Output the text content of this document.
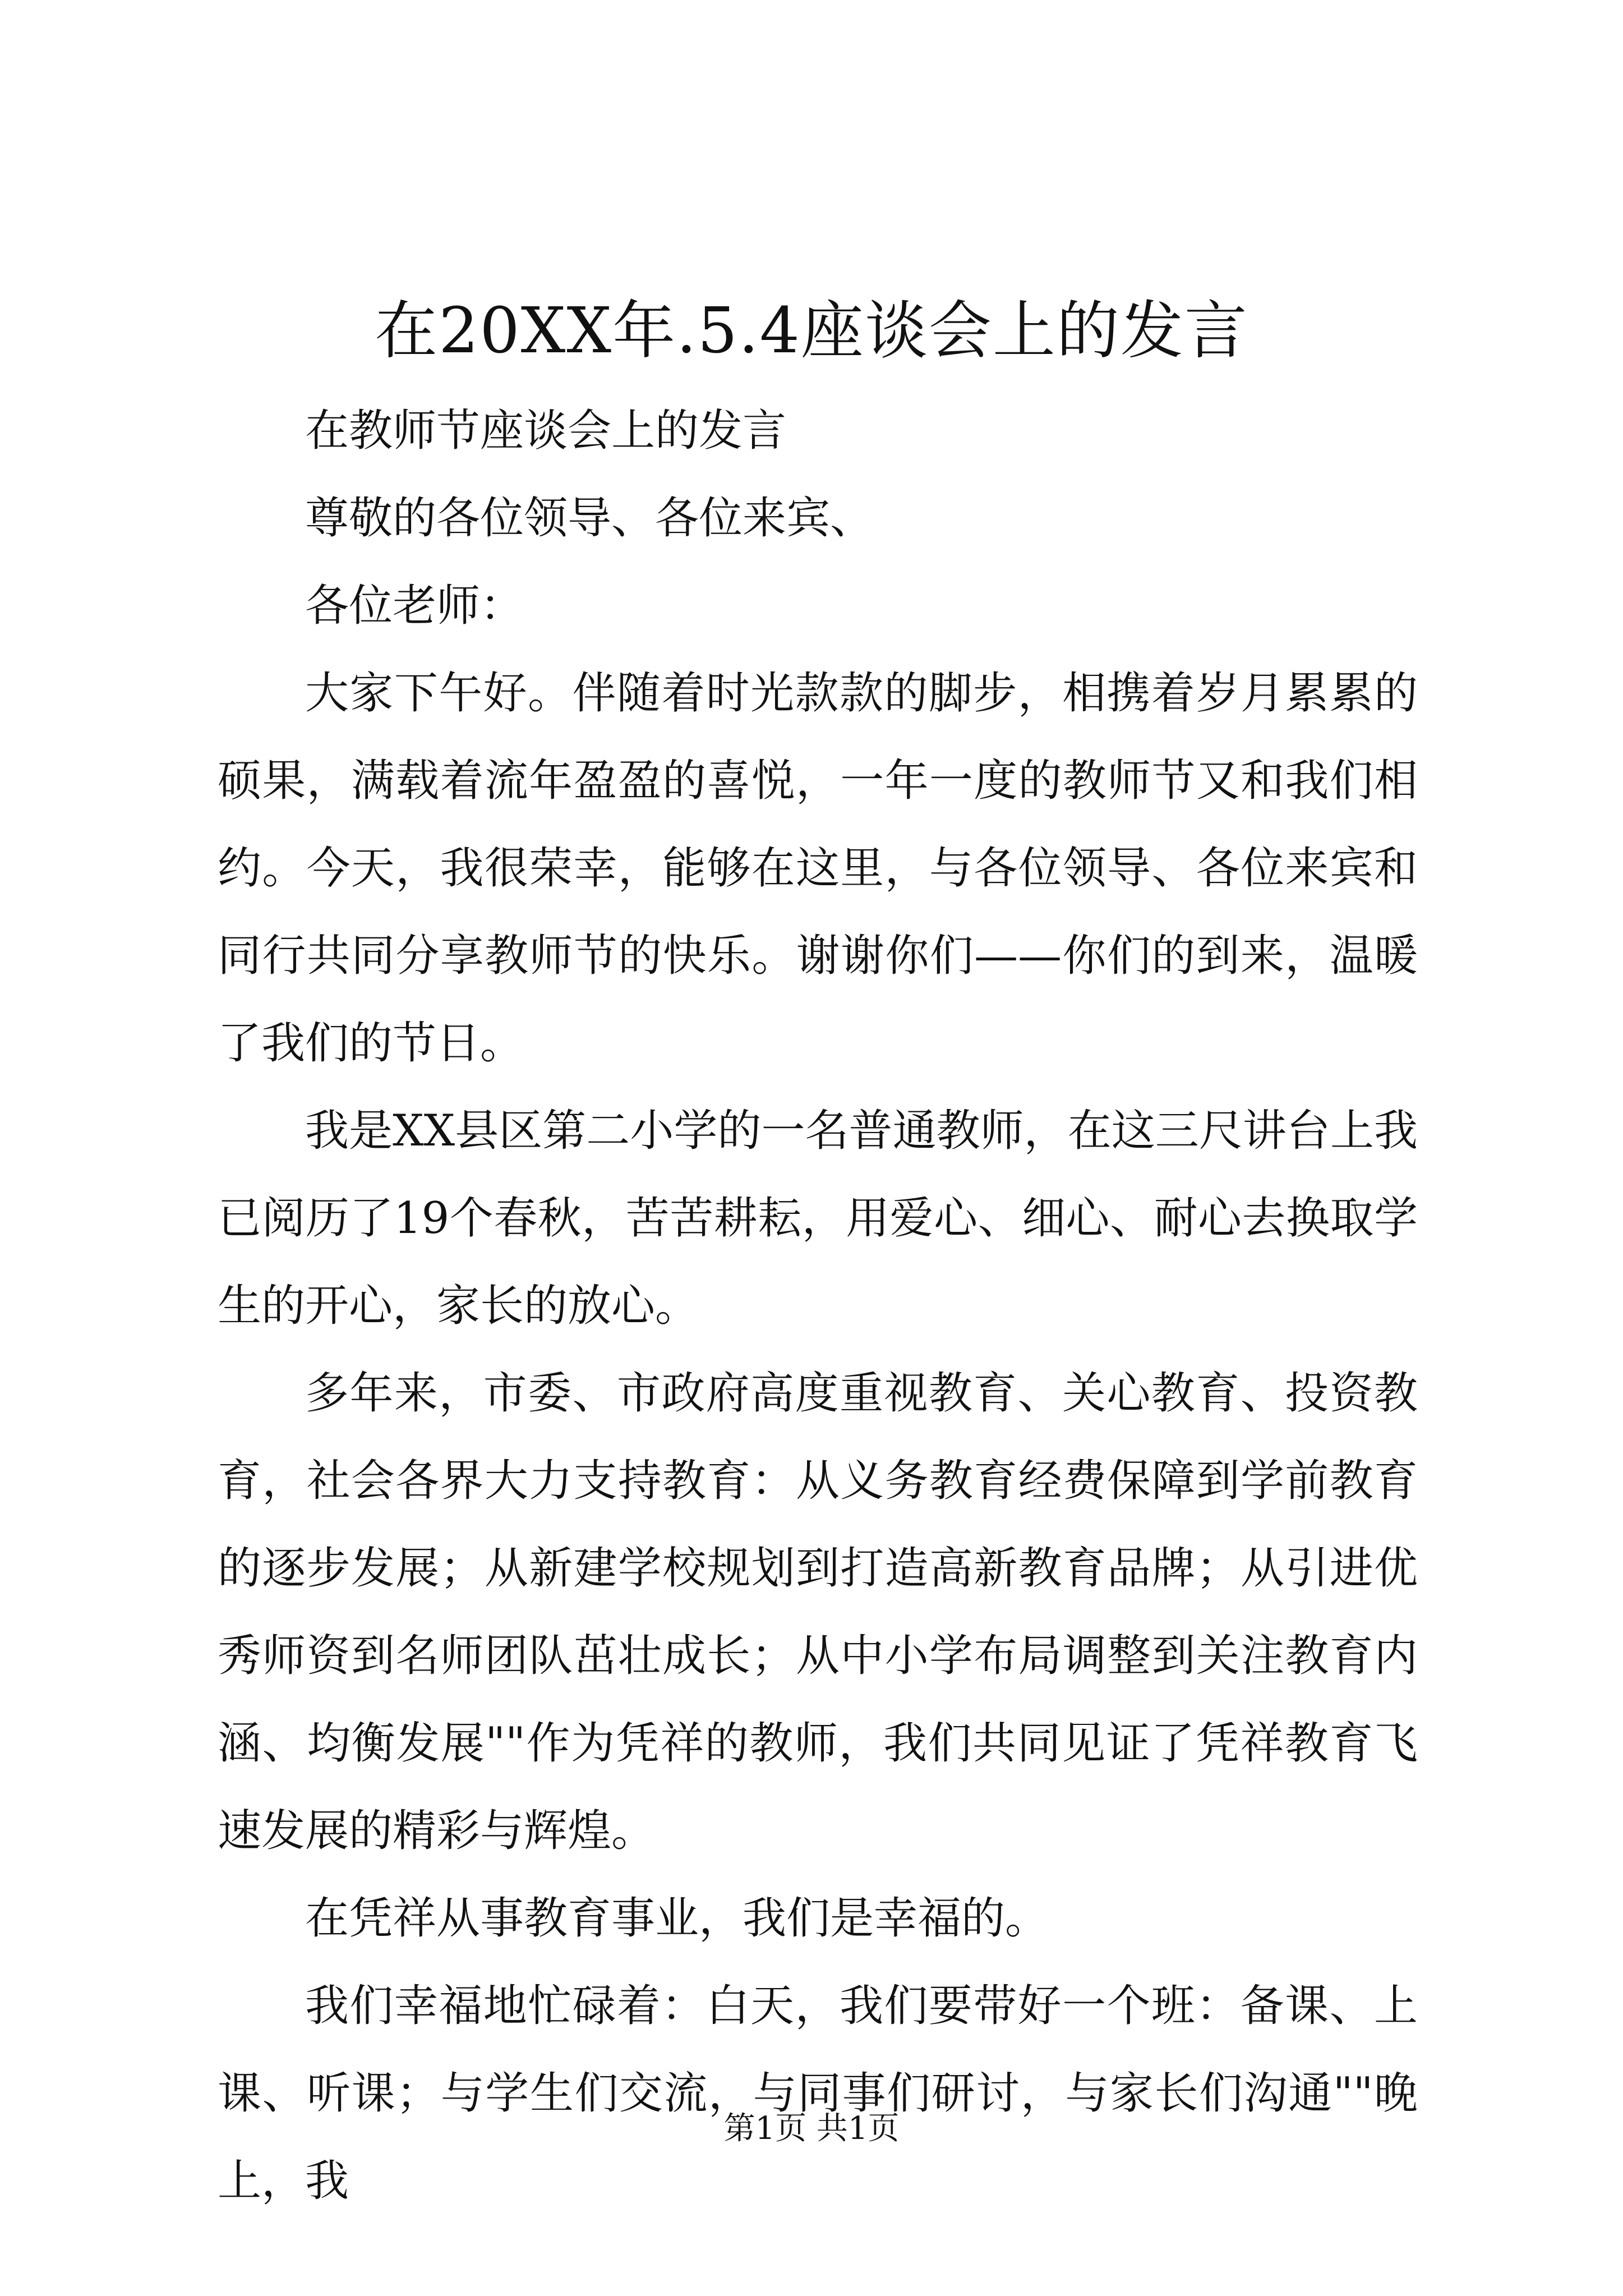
在20XX年.5.4座谈会上的发言

在教师节座谈会上的发言

尊敬的各位领导、各位来宾、

各位老师：

大家下午好。伴随着时光款款的脚步，相携着岁月累累的硕果，满载着流年盈盈的喜悦，一年一度的教师节又和我们相约。今天，我很荣幸，能够在这里，与各位领导、各位来宾和同行共同分享教师节的快乐。谢谢你们——你们的到来，温暖了我们的节日。

我是XX县区第二小学的一名普通教师，在这三尺讲台上我已阅历了19个春秋，苦苦耕耘，用爱心、细心、耐心去换取学生的开心，家长的放心。

多年来，市委、市政府高度重视教育、关心教育、投资教育，社会各界大力支持教育：从义务教育经费保障到学前教育的逐步发展；从新建学校规划到打造高新教育品牌；从引进优秀师资到名师团队茁壮成长；从中小学布局调整到关注教育内涵、均衡发展""作为凭祥的教师，我们共同见证了凭祥教育飞速发展的精彩与辉煌。

在凭祥从事教育事业，我们是幸福的。

我们幸福地忙碌着：白天，我们要带好一个班：备课、上课、听课；与学生们交流，与同事们研讨，与家长们沟通""晚上，我

第1页 共1页
